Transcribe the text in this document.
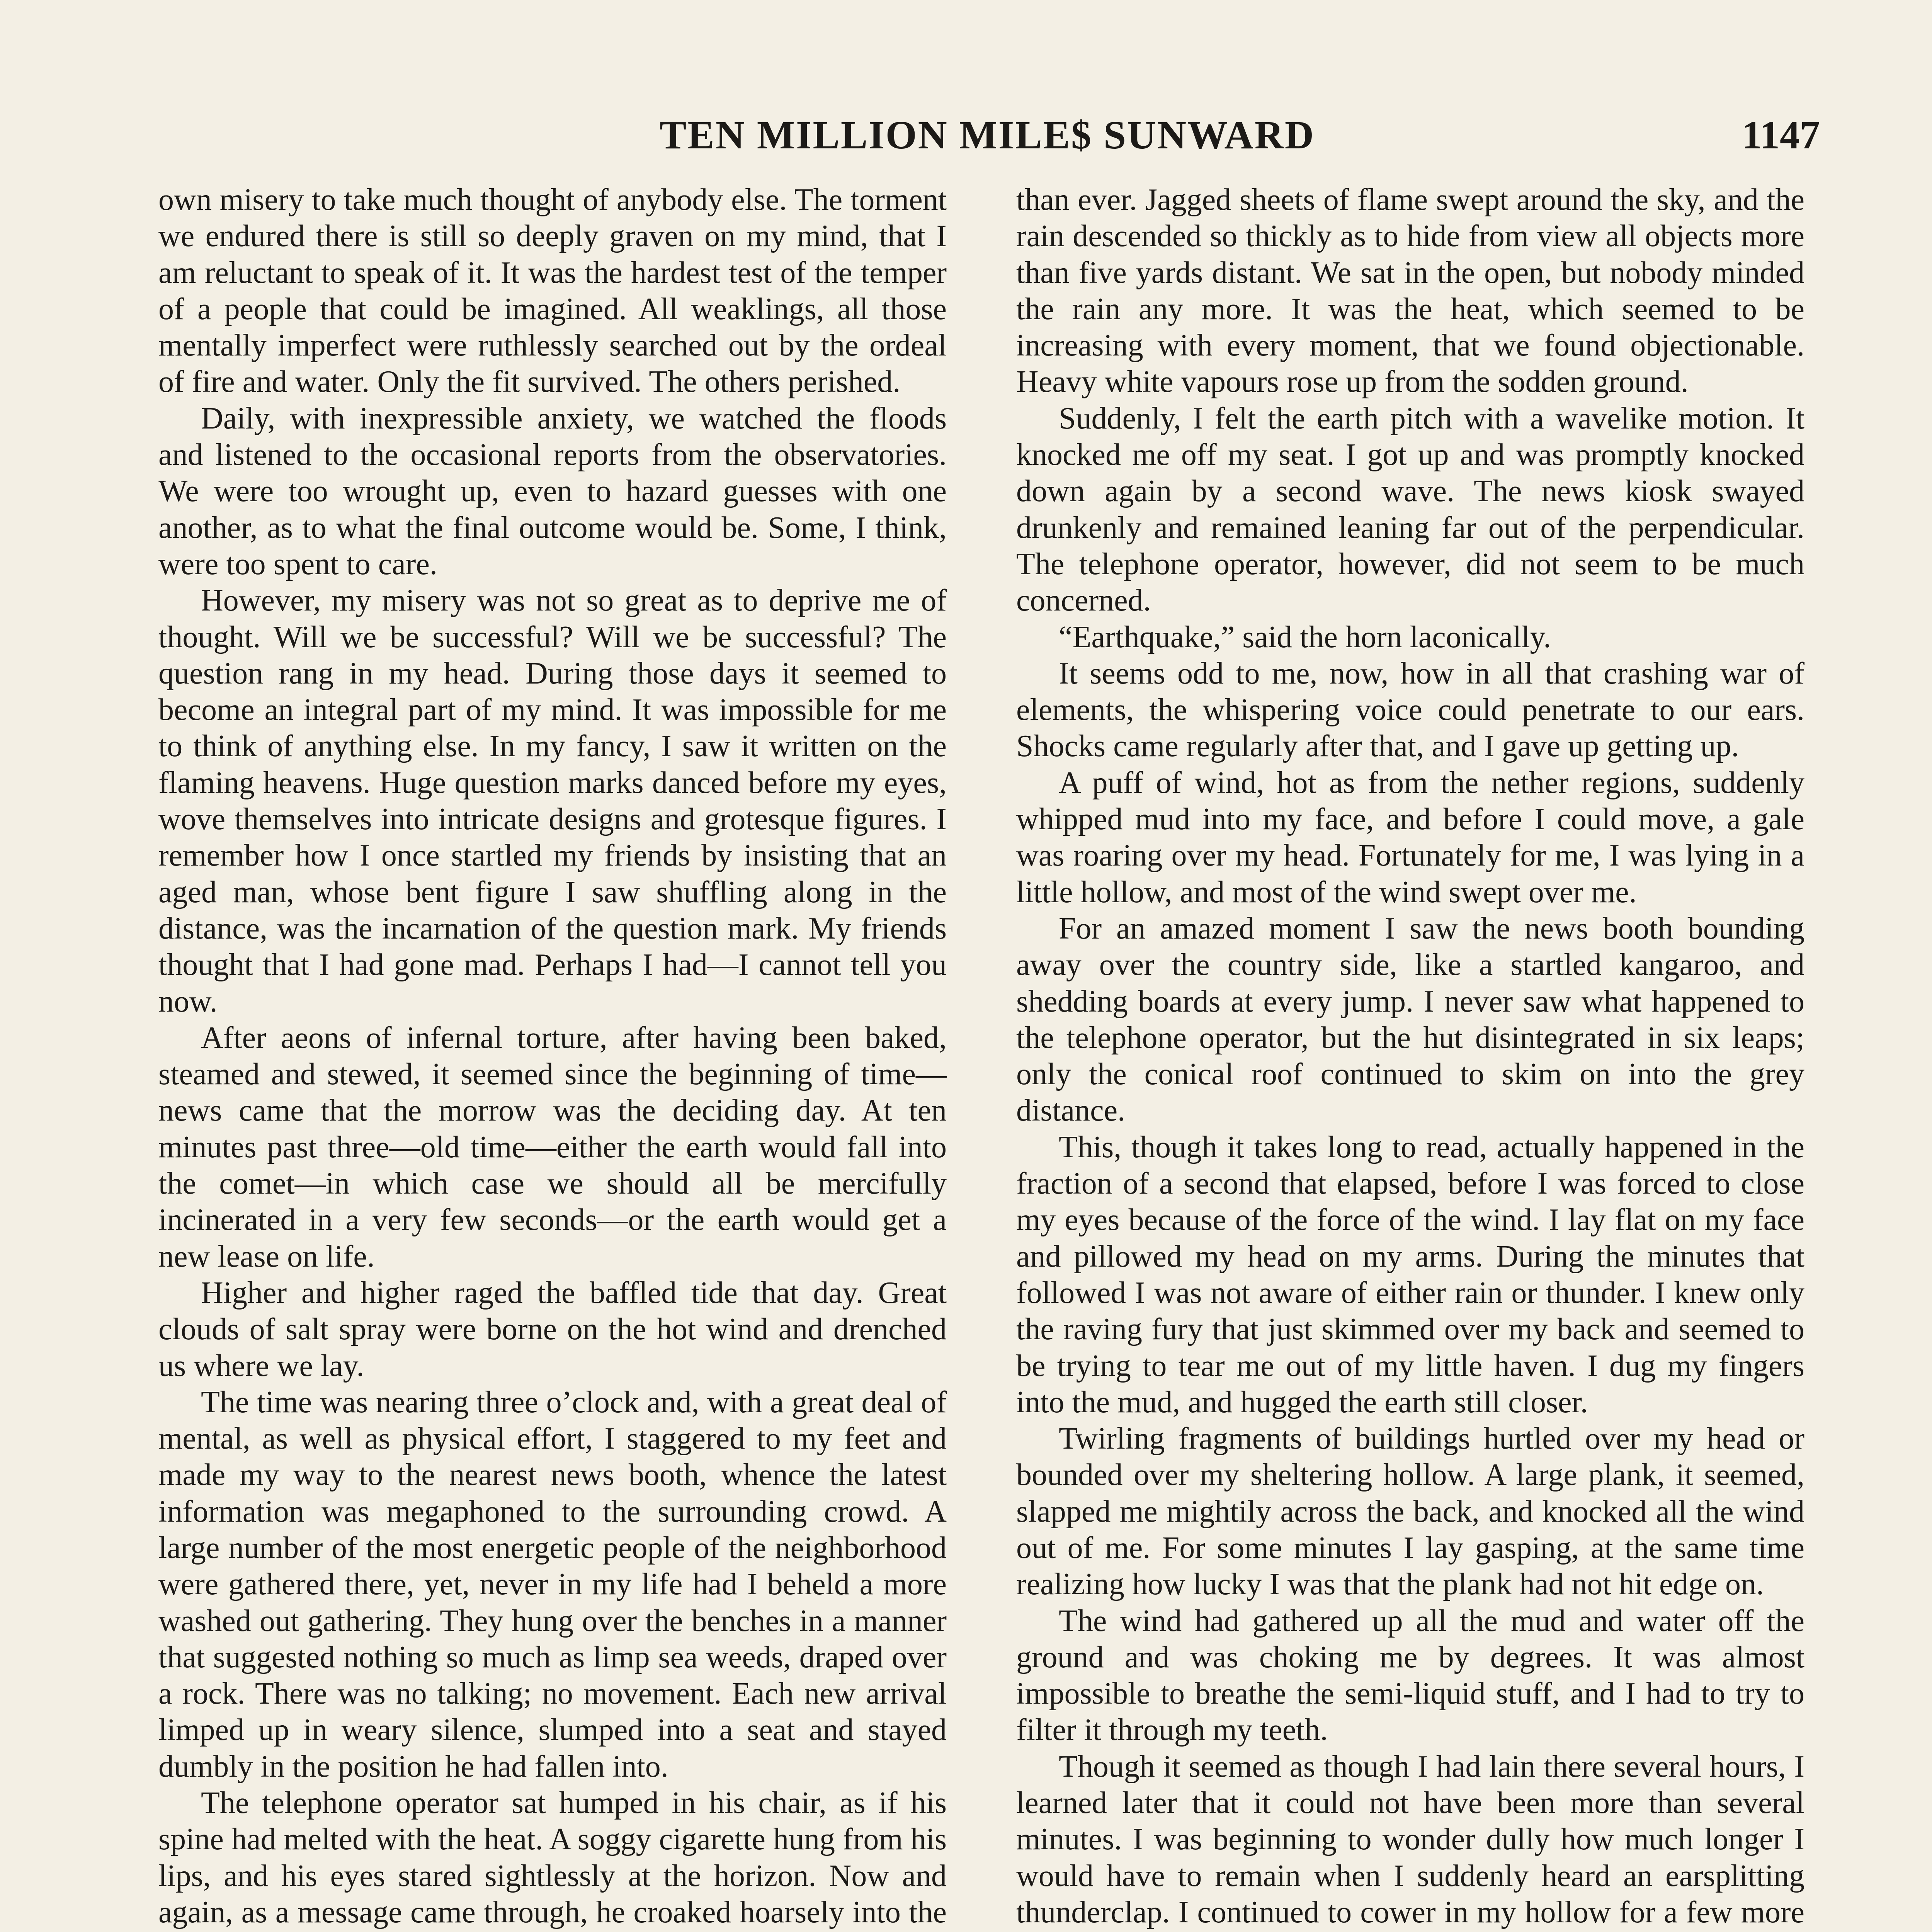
TEN MILLION MILE$ SUNWARD	1147

own misery to take much thought of anybody else. The torment we endured there is still so deeply graven on my mind, that I am reluctant to speak of it. It was the hardest test of the temper of a people that could be imagined. All weaklings, all those mentally imperfect were ruthlessly searched out by the ordeal of fire and water. Only the fit survived. The others perished.

Daily, with inexpressible anxiety, we watched the floods and listened to the occasional reports from the observatories. We were too wrought up, even to hazard guesses with one another, as to what the final outcome would be. Some, I think, were too spent to care.

However, my misery was not so great as to deprive me of thought. Will we be successful? Will we be successful? The question rang in my head. During those days it seemed to become an integral part of my mind. It was impossible for me to think of anything else. In my fancy, I saw it written on the flaming heavens. Huge question marks danced before my eyes, wove themselves into intricate designs and grotesque figures. I remember how I once startled my friends by insisting that an aged man, whose bent figure I saw shuffling along in the distance, was the incarnation of the question mark. My friends thought that I had gone mad. Perhaps I had—I cannot tell you now.

After aeons of infernal torture, after having been baked, steamed and stewed, it seemed since the beginning of time—news came that the morrow was the deciding day. At ten minutes past three—old time—either the earth would fall into the comet—in which case we should all be mercifully incinerated in a very few seconds—or the earth would get a new lease on life.

Higher and higher raged the baffled tide that day. Great clouds of salt spray were borne on the hot wind and drenched us where we lay.

The time was nearing three o’clock and, with a great deal of mental, as well as physical effort, I staggered to my feet and made my way to the nearest news booth, whence the latest information was megaphoned to the surrounding crowd. A large number of the most energetic people of the neighborhood were gathered there, yet, never in my life had I beheld a more washed out gathering. They hung over the benches in a manner that suggested nothing so much as limp sea weeds, draped over a rock. There was no talking; no movement. Each new arrival limped up in weary silence, slumped into a seat and stayed dumbly in the position he had fallen into.

The telephone operator sat humped in his chair, as if his spine had melted with the heat. A soggy cigarette hung from his lips, and his eyes stared sightlessly at the horizon. Now and again, as a message came through, he croaked hoarsely into the

than ever. Jagged sheets of flame swept around the sky, and the rain descended so thickly as to hide from view all objects more than five yards distant. We sat in the open, but nobody minded the rain any more. It was the heat, which seemed to be increasing with every moment, that we found objectionable. Heavy white vapours rose up from the sodden ground.

Suddenly, I felt the earth pitch with a wavelike motion. It knocked me off my seat. I got up and was promptly knocked down again by a second wave. The news kiosk swayed drunkenly and remained leaning far out of the perpendicular. The telephone operator, however, did not seem to be much concerned.

“Earthquake,” said the horn laconically.

It seems odd to me, now, how in all that crashing war of elements, the whispering voice could penetrate to our ears. Shocks came regularly after that, and I gave up getting up.

A puff of wind, hot as from the nether regions, suddenly whipped mud into my face, and before I could move, a gale was roaring over my head. Fortunately for me, I was lying in a little hollow, and most of the wind swept over me.

For an amazed moment I saw the news booth bounding away over the country side, like a startled kangaroo, and shedding boards at every jump. I never saw what happened to the telephone operator, but the hut disintegrated in six leaps; only the conical roof continued to skim on into the grey distance.

This, though it takes long to read, actually happened in the fraction of a second that elapsed, before I was forced to close my eyes because of the force of the wind. I lay flat on my face and pillowed my head on my arms. During the minutes that followed I was not aware of either rain or thunder. I knew only the raving fury that just skimmed over my back and seemed to be trying to tear me out of my little haven. I dug my fingers into the mud, and hugged the earth still closer.

Twirling fragments of buildings hurtled over my head or bounded over my sheltering hollow. A large plank, it seemed, slapped me mightily across the back, and knocked all the wind out of me. For some minutes I lay gasping, at the same time realizing how lucky I was that the plank had not hit edge on.

The wind had gathered up all the mud and water off the ground and was choking me by degrees. It was almost impossible to breathe the semi-liquid stuff, and I had to try to filter it through my teeth.

Though it seemed as though I had lain there several hours, I learned later that it could not have been more than several minutes. I was beginning to wonder dully how much longer I would have to remain when I suddenly heard an earsplitting thunderclap. I continued to cower in my hollow for a few more
